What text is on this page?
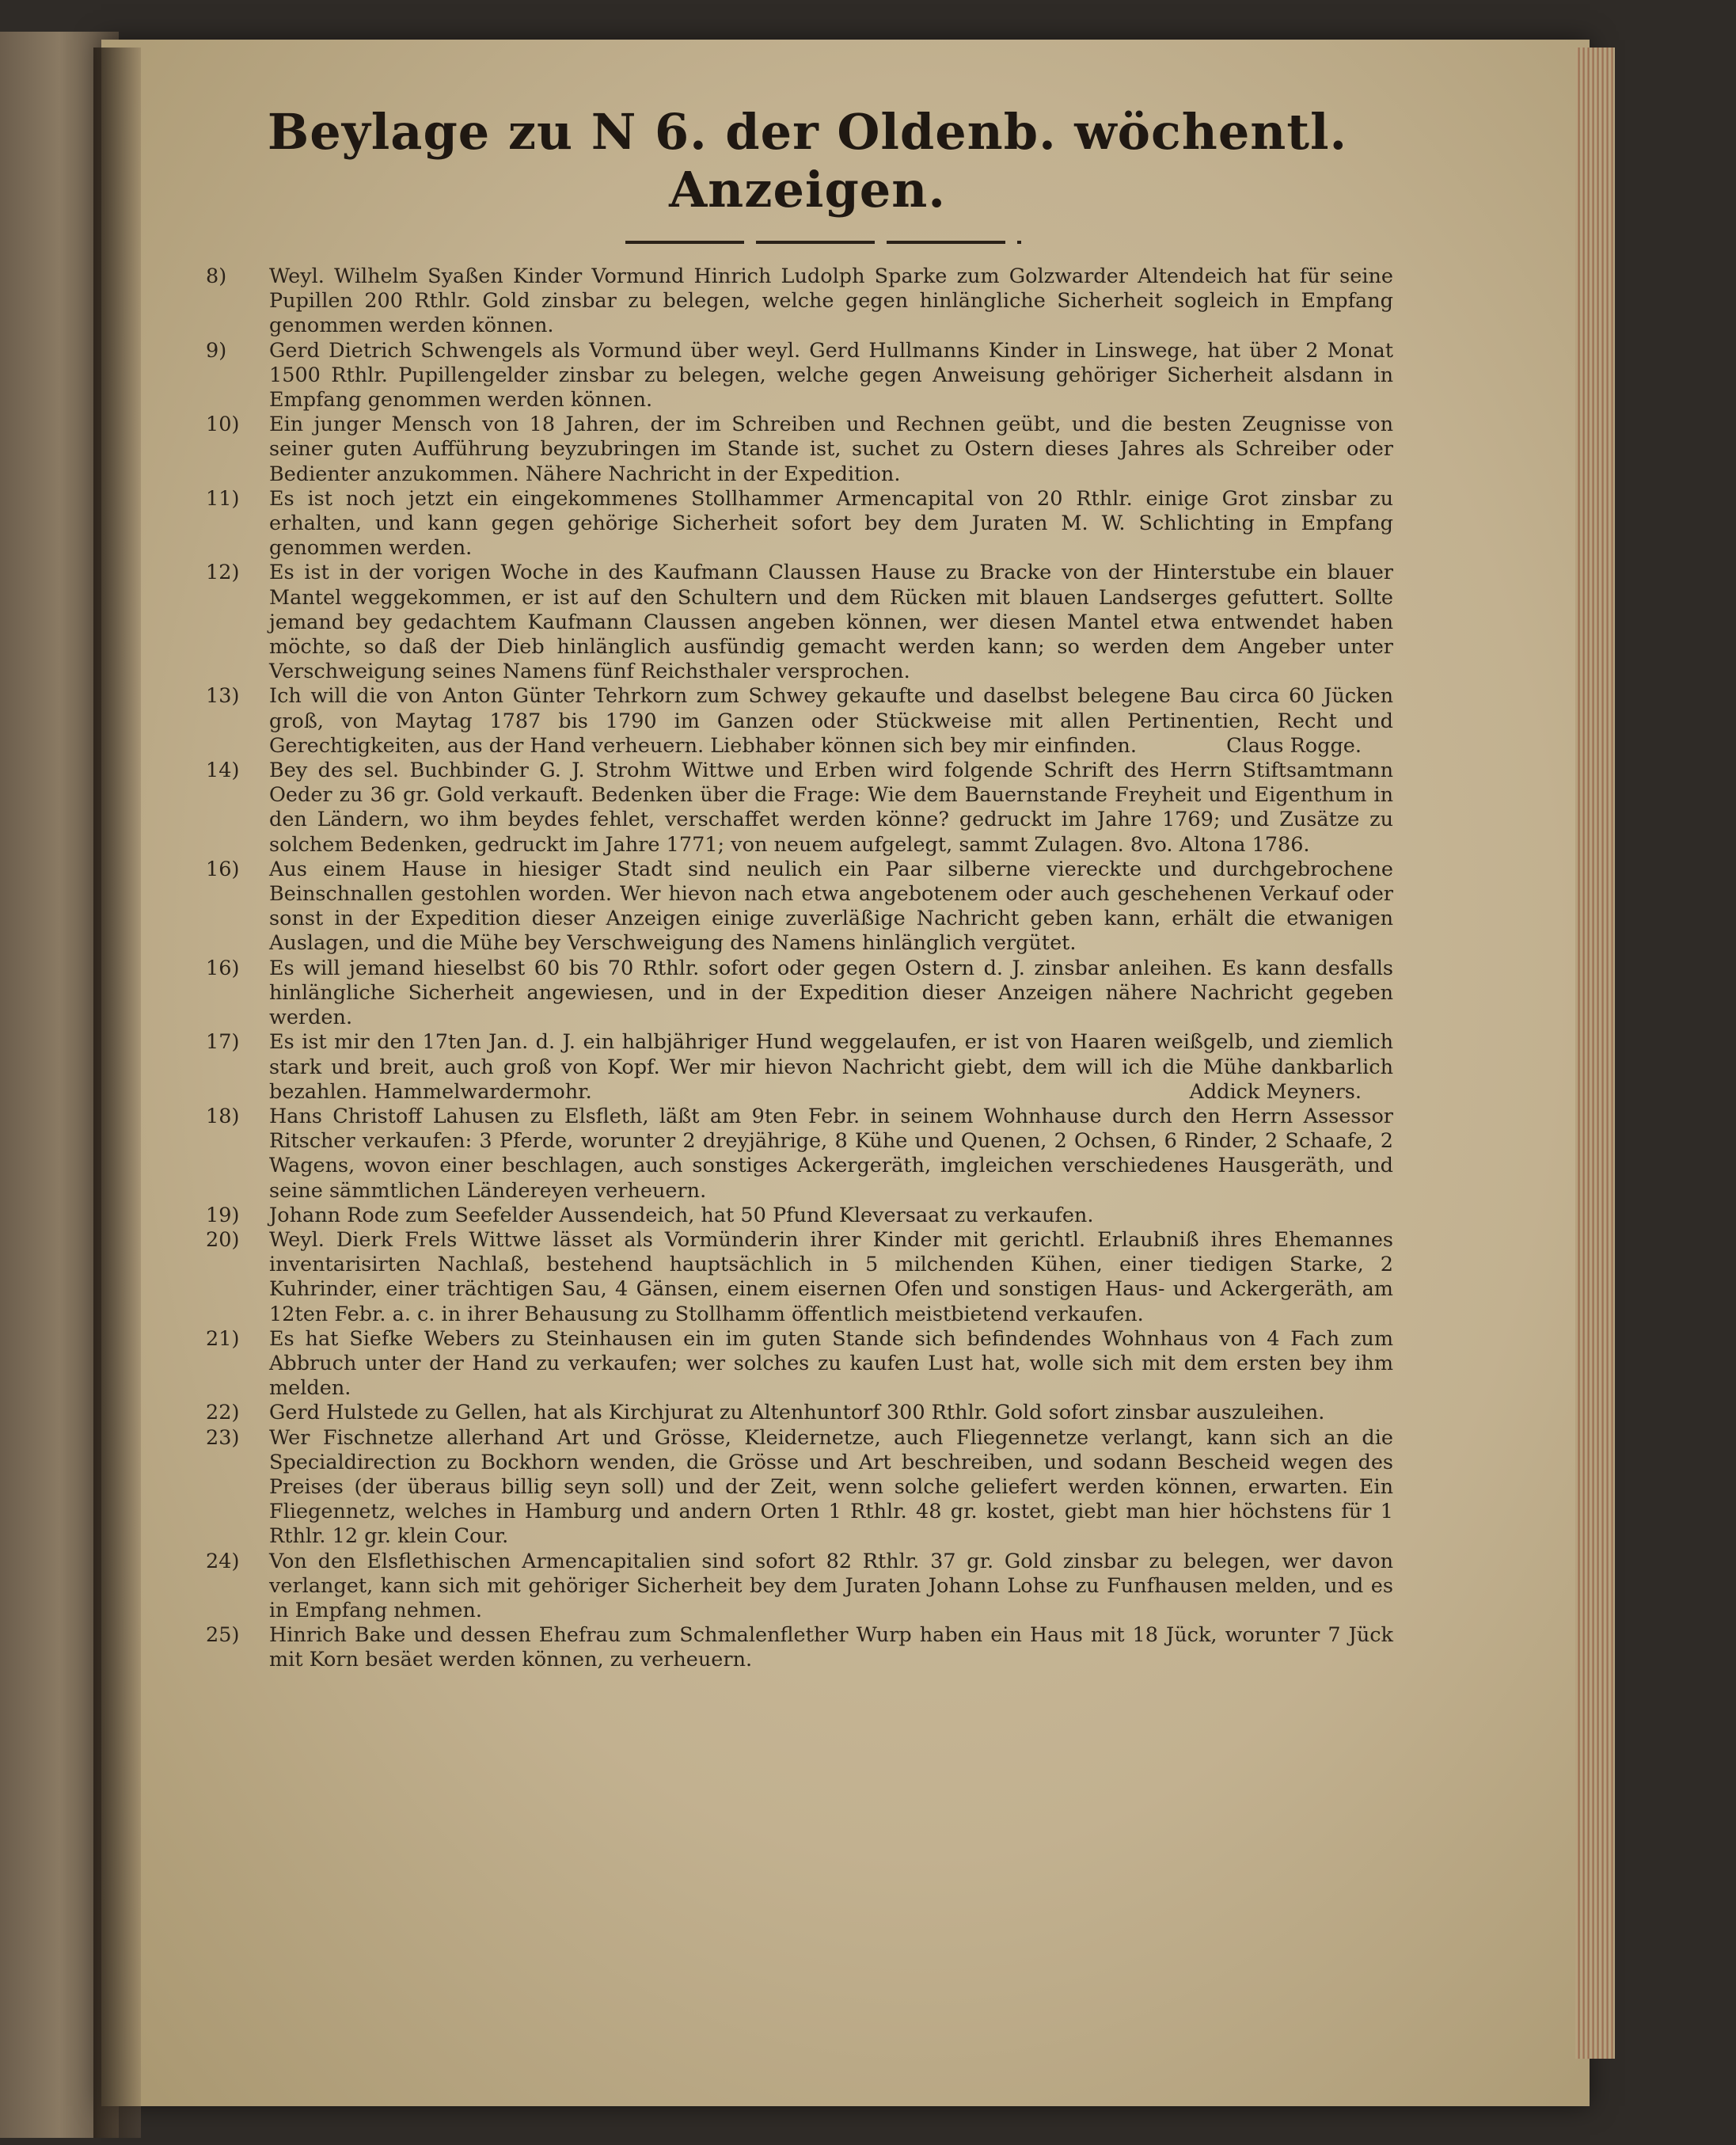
Beylage zu N 6. der Oldenb. wöchentl. Anzeigen.

8)	Weyl. Wilhelm Syaßen Kinder Vormund Hinrich Ludolph Sparke zum Golzwarder Altendeich hat für seine Pupillen 200 Rthlr. Gold zinsbar zu belegen, welche gegen hinlängliche Sicherheit sogleich in Empfang genommen werden können.

9)	Gerd Dietrich Schwengels als Vormund über weyl. Gerd Hullmanns Kinder in Linswege, hat über 2 Monat 1500 Rthlr. Pupillengelder zinsbar zu belegen, welche gegen Anweisung gehöriger Sicherheit alsdann in Empfang genommen werden können.

10)	Ein junger Mensch von 18 Jahren, der im Schreiben und Rechnen geübt, und die besten Zeugnisse von seiner guten Aufführung beyzubringen im Stande ist, suchet zu Ostern dieses Jahres als Schreiber oder Bedienter anzukommen. Nähere Nachricht in der Expedition.

11)	Es ist noch jetzt ein eingekommenes Stollhammer Armencapital von 20 Rthlr. einige Grot zinsbar zu erhalten, und kann gegen gehörige Sicherheit sofort bey dem Juraten M. W. Schlichting in Empfang genommen werden.

12)	Es ist in der vorigen Woche in des Kaufmann Claussen Hause zu Bracke von der Hinterstube ein blauer Mantel weggekommen, er ist auf den Schultern und dem Rücken mit blauen Landserges gefuttert. Sollte jemand bey gedachtem Kaufmann Claussen angeben können, wer diesen Mantel etwa entwendet haben möchte, so daß der Dieb hinlänglich ausfündig gemacht werden kann; so werden dem Angeber unter Verschweigung seines Namens fünf Reichsthaler versprochen.

13)	Ich will die von Anton Günter Tehrkorn zum Schwey gekaufte und daselbst belegene Bau circa 60 Jücken groß, von Maytag 1787 bis 1790 im Ganzen oder Stückweise mit allen Pertinentien, Recht und Gerechtigkeiten, aus der Hand verheuern. Liebhaber können sich bey mir einfinden.	Claus Rogge.

14)	Bey des sel. Buchbinder G. J. Strohm Wittwe und Erben wird folgende Schrift des Herrn Stiftsamtmann Oeder zu 36 gr. Gold verkauft. Bedenken über die Frage: Wie dem Bauernstande Freyheit und Eigenthum in den Ländern, wo ihm beydes fehlet, verschaffet werden könne? gedruckt im Jahre 1769; und Zusätze zu solchem Bedenken, gedruckt im Jahre 1771; von neuem aufgelegt, sammt Zulagen. 8vo. Altona 1786.

16)	Aus einem Hause in hiesiger Stadt sind neulich ein Paar silberne viereckte und durchgebrochene Beinschnallen gestohlen worden. Wer hievon nach etwa angebotenem oder auch geschehenen Verkauf oder sonst in der Expedition dieser Anzeigen einige zuverläßige Nachricht geben kann, erhält die etwanigen Auslagen, und die Mühe bey Verschweigung des Namens hinlänglich vergütet.

16)	Es will jemand hieselbst 60 bis 70 Rthlr. sofort oder gegen Ostern d. J. zinsbar anleihen. Es kann desfalls hinlängliche Sicherheit angewiesen, und in der Expedition dieser Anzeigen nähere Nachricht gegeben werden.

17)	Es ist mir den 17ten Jan. d. J. ein halbjähriger Hund weggelaufen, er ist von Haaren weißgelb, und ziemlich stark und breit, auch groß von Kopf. Wer mir hievon Nachricht giebt, dem will ich die Mühe dankbarlich bezahlen. Hammelwardermohr.	Addick Meyners.

18)	Hans Christoff Lahusen zu Elsfleth, läßt am 9ten Febr. in seinem Wohnhause durch den Herrn Assessor Ritscher verkaufen: 3 Pferde, worunter 2 dreyjährige, 8 Kühe und Quenen, 2 Ochsen, 6 Rinder, 2 Schaafe, 2 Wagens, wovon einer beschlagen, auch sonstiges Ackergeräth, imgleichen verschiedenes Hausgeräth, und seine sämmtlichen Ländereyen verheuern.

19)	Johann Rode zum Seefelder Aussendeich, hat 50 Pfund Kleversaat zu verkaufen.

20)	Weyl. Dierk Frels Wittwe lässet als Vormünderin ihrer Kinder mit gerichtl. Erlaubniß ihres Ehemannes inventarisirten Nachlaß, bestehend hauptsächlich in 5 milchenden Kühen, einer tiedigen Starke, 2 Kuhrinder, einer trächtigen Sau, 4 Gänsen, einem eisernen Ofen und sonstigen Haus- und Ackergeräth, am 12ten Febr. a. c. in ihrer Behausung zu Stollhamm öffentlich meistbietend verkaufen.

21)	Es hat Siefke Webers zu Steinhausen ein im guten Stande sich befindendes Wohnhaus von 4 Fach zum Abbruch unter der Hand zu verkaufen; wer solches zu kaufen Lust hat, wolle sich mit dem ersten bey ihm melden.

22)	Gerd Hulstede zu Gellen, hat als Kirchjurat zu Altenhuntorf 300 Rthlr. Gold sofort zinsbar auszuleihen.

23)	Wer Fischnetze allerhand Art und Grösse, Kleidernetze, auch Fliegennetze verlangt, kann sich an die Specialdirection zu Bockhorn wenden, die Grösse und Art beschreiben, und sodann Bescheid wegen des Preises (der überaus billig seyn soll) und der Zeit, wenn solche geliefert werden können, erwarten. Ein Fliegennetz, welches in Hamburg und andern Orten 1 Rthlr. 48 gr. kostet, giebt man hier höchstens für 1 Rthlr. 12 gr. klein Cour.

24)	Von den Elsflethischen Armencapitalien sind sofort 82 Rthlr. 37 gr. Gold zinsbar zu belegen, wer davon verlanget, kann sich mit gehöriger Sicherheit bey dem Juraten Johann Lohse zu Funfhausen melden, und es in Empfang nehmen.

25)	Hinrich Bake und dessen Ehefrau zum Schmalenflether Wurp haben ein Haus mit 18 Jück, worunter 7 Jück mit Korn besäet werden können, zu verheuern.
